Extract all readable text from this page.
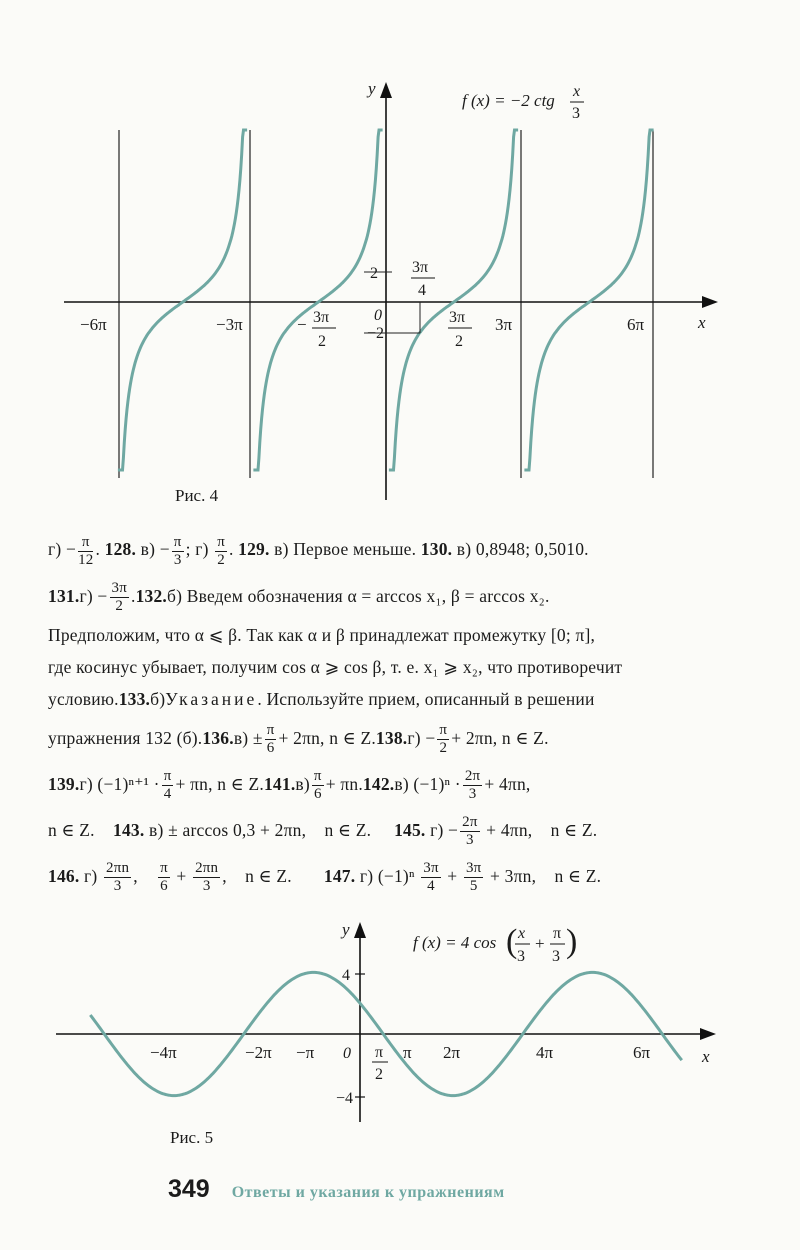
y
x
0
−6π	−3π	− 3π
2
3π
2
3π	6π
2
−2
3π
4
f (x) = −2 ctg x
3
Рис. 4
$г) - \frac{\pi}{12}$ . 128. $в) - \frac{\pi}{3}$ ; $г) \frac{\pi}{2}$ . 129. в) Первое меньше. 130. в) 0,8948; 0,5010.
131. $г) - \frac{3\pi}{2}$ . 132. б) Введем обозначения α = arccos x₁, β = arccos x₂.
Предположим, что α ⩽ β. Так как α и β принадлежат промежутку [0; π],
где косинус убывает, получим cos α ⩾ cos β, т. е. x₁ ⩾ x₂, что противоречит
условию. 133. б) Указание . Используйте прием, описанный в решении
упражнения 132 (б). 136. $в) \pm \frac{\pi}{6} + 2\pi n$, n ∈ Z. 138. $г) - \frac{\pi}{2} + 2\pi n$, n ∈ Z.
139. г) $(-1)^{n+1} \cdot \frac{\pi}{4} + \pi n$, n ∈ Z. 141. $в) \frac{\pi}{6} + \pi n$. 142. в) $(-1)^n \cdot \frac{2\pi}{3} + 4\pi n$,
n ∈ Z. 143. в) ± arccos 0,3 + 2πn,    n ∈ Z. 145. $г) - \frac{2\pi}{3} + 4\pi n$,    n ∈ Z.
146. $г) \frac{2\pi n}{3}$ , $\frac{\pi}{6} + \frac{2\pi n}{3}$ ,    n ∈ Z. 147. г) $(-1)^n \frac{3\pi}{4} + \frac{3\pi}{5} + 3\pi n$,    n ∈ Z.
y
x
0
4
−4
−4π	−2π −π	π
2
π 2π	4π	6π
f (x) = 4 cos ( x
3
+
π
3 )
Рис. 5
349 Ответы и указания к упражнениям
